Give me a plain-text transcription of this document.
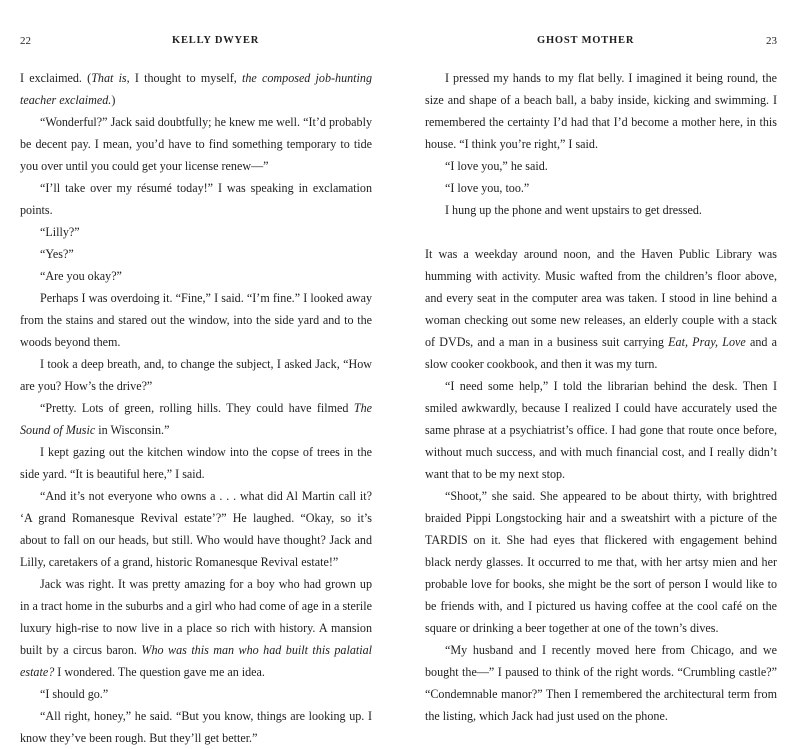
22	KELLY DWYER

I exclaimed. (That is, I thought to myself, the composed job-hunting teacher exclaimed.)

“Wonderful?” Jack said doubtfully; he knew me well. “It’d probably be decent pay. I mean, you’d have to find something temporary to tide you over until you could get your license renew—”

“I’ll take over my résumé today!” I was speaking in exclamation points.

“Lilly?”

“Yes?”

“Are you okay?”

Perhaps I was overdoing it. “Fine,” I said. “I’m fine.” I looked away from the stains and stared out the window, into the side yard and to the woods beyond them.

I took a deep breath, and, to change the subject, I asked Jack, “How are you? How’s the drive?”

“Pretty. Lots of green, rolling hills. They could have filmed The Sound of Music in Wisconsin.”

I kept gazing out the kitchen window into the copse of trees in the side yard. “It is beautiful here,” I said.

“And it’s not everyone who owns a . . . what did Al Martin call it? ‘A grand Romanesque Revival estate’?” He laughed. “Okay, so it’s about to fall on our heads, but still. Who would have thought? Jack and Lilly, caretakers of a grand, historic Romanesque Revival estate!”

Jack was right. It was pretty amazing for a boy who had grown up in a tract home in the suburbs and a girl who had come of age in a sterile luxury high-rise to now live in a place so rich with history. A mansion built by a circus baron. Who was this man who had built this palatial estate? I wondered. The question gave me an idea.

“I should go.”

“All right, honey,” he said. “But you know, things are looking up. I know they’ve been rough. But they’ll get better.”

GHOST MOTHER	23

I pressed my hands to my flat belly. I imagined it being round, the size and shape of a beach ball, a baby inside, kicking and swimming. I remembered the certainty I’d had that I’d become a mother here, in this house. “I think you’re right,” I said.

“I love you,” he said.

“I love you, too.”

I hung up the phone and went upstairs to get dressed.

It was a weekday around noon, and the Haven Public Library was humming with activity. Music wafted from the children’s floor above, and every seat in the computer area was taken. I stood in line behind a woman checking out some new releases, an elderly couple with a stack of DVDs, and a man in a business suit carrying Eat, Pray, Love and a slow cooker cookbook, and then it was my turn.

“I need some help,” I told the librarian behind the desk. Then I smiled awkwardly, because I realized I could have accurately used the same phrase at a psychiatrist’s office. I had gone that route once before, without much success, and with much financial cost, and I really didn’t want that to be my next stop.

“Shoot,” she said. She appeared to be about thirty, with brightred braided Pippi Longstocking hair and a sweatshirt with a picture of the TARDIS on it. She had eyes that flickered with engagement behind black nerdy glasses. It occurred to me that, with her artsy mien and her probable love for books, she might be the sort of person I would like to be friends with, and I pictured us having coffee at the cool café on the square or drinking a beer together at one of the town’s dives.

“My husband and I recently moved here from Chicago, and we bought the—” I paused to think of the right words. “Crumbling castle?” “Condemnable manor?” Then I remembered the architectural term from the listing, which Jack had just used on the phone.
